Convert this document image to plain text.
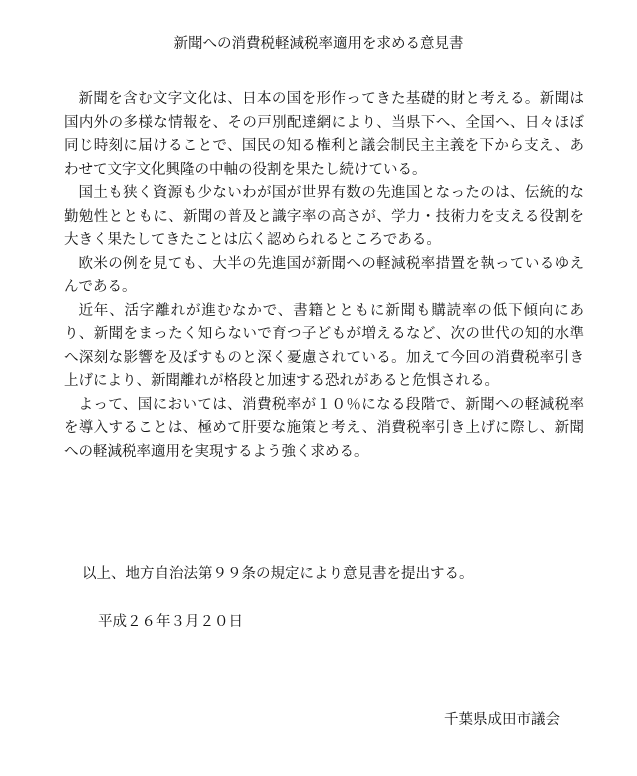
新聞への消費税軽減税率適用を求める意見書

新聞を含む文字文化は、日本の国を形作ってきた基礎的財と考える。新聞は国内外の多様な情報を、その戸別配達網により、当県下へ、全国へ、日々ほぼ同じ時刻に届けることで、国民の知る権利と議会制民主主義を下から支え、あわせて文字文化興隆の中軸の役割を果たし続けている。

国土も狭く資源も少ないわが国が世界有数の先進国となったのは、伝統的な勤勉性とともに、新聞の普及と識字率の高さが、学力・技術力を支える役割を大きく果たしてきたことは広く認められるところである。

欧米の例を見ても、大半の先進国が新聞への軽減税率措置を執っているゆえんである。

近年、活字離れが進むなかで、書籍とともに新聞も購読率の低下傾向にあり、新聞をまったく知らないで育つ子どもが増えるなど、次の世代の知的水準へ深刻な影響を及ぼすものと深く憂慮されている。加えて今回の消費税率引き上げにより、新聞離れが格段と加速する恐れがあると危惧される。

よって、国においては、消費税率が１０％になる段階で、新聞への軽減税率を導入することは、極めて肝要な施策と考え、消費税率引き上げに際し、新聞への軽減税率適用を実現するよう強く求める。

以上、地方自治法第９９条の規定により意見書を提出する。
平成２６年３月２０日
千葉県成田市議会
